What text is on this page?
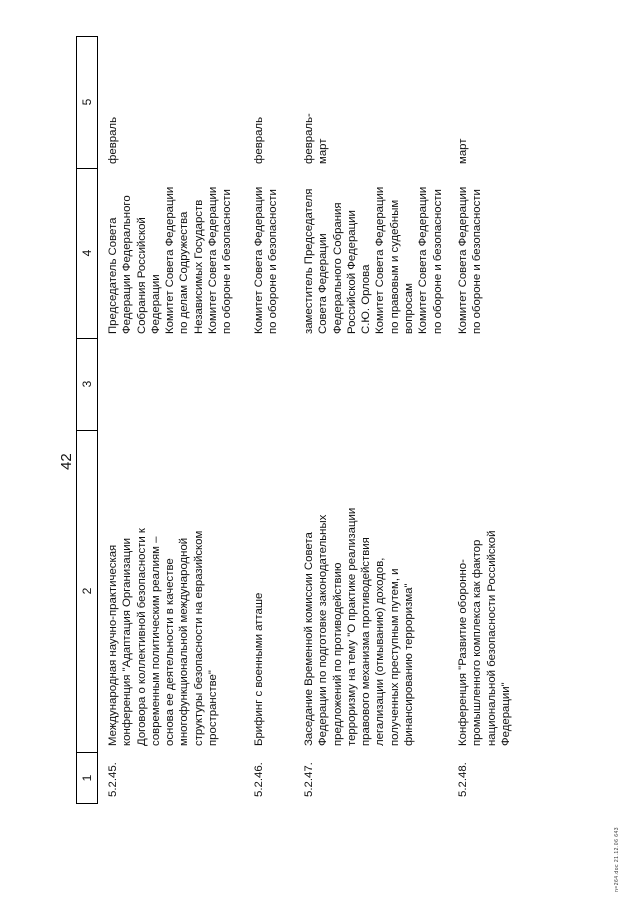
42
1
2
3
4
5
5.2.45.
Международная научно-практическая
конференция "Адаптация Организации
Договора о коллективной безопасности к
современным политическим реалиям –
основа ее деятельности в качестве
многофункциональной международной
структуры безопасности на евразийском
пространстве"
Председатель Совета
Федерации Федерального
Собрания Российской
Федерации
Комитет Совета Федерации
по делам Содружества
Независимых Государств
Комитет Совета Федерации
по обороне и безопасности
февраль
5.2.46.
Брифинг с военными атташе
Комитет Совета Федерации
по обороне и безопасности
февраль
5.2.47.
Заседание Временной комиссии Совета
Федерации по подготовке законодательных
предложений по противодействию
терроризму на тему "О практике реализации
правового механизма противодействия
легализации (отмыванию) доходов,
полученных преступным путем, и
финансированию терроризма"
заместитель Председателя
Совета Федерации
Федерального Собрания
Российской Федерации
С.Ю. Орлова
Комитет Совета Федерации
по правовым и судебным
вопросам
Комитет Совета Федерации
по обороне и безопасности
февраль-
март
5.2.48.
Конференция "Развитие оборонно-
промышленного комплекса как фактор
национальной безопасности Российской
Федерации"
Комитет Совета Федерации
по обороне и безопасности
март
n=264.doc 21.12.06 643
